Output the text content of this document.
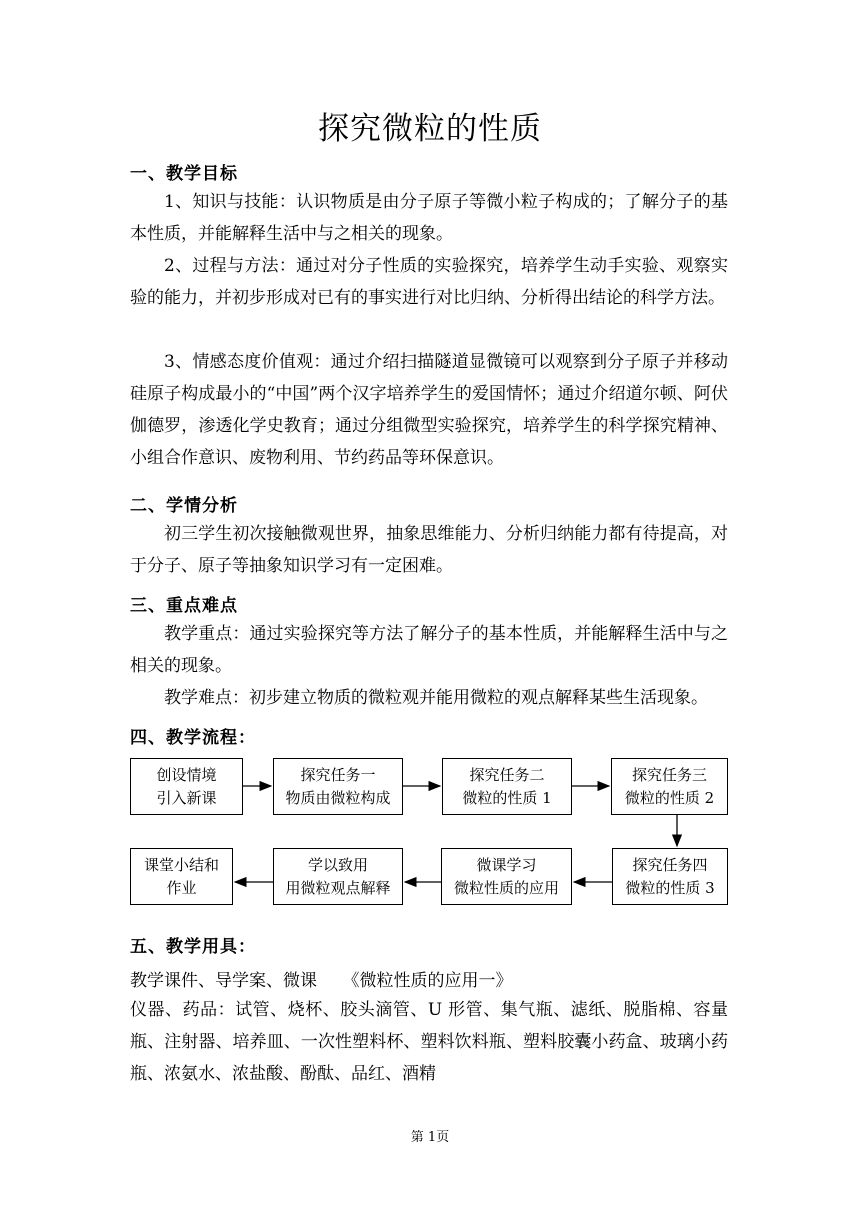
探究微粒的性质
一、教学目标
1、知识与技能：认识物质是由分子原子等微小粒子构成的；了解分子的基本性质，并能解释生活中与之相关的现象。
2、过程与方法：通过对分子性质的实验探究，培养学生动手实验、观察实验的能力，并初步形成对已有的事实进行对比归纳、分析得出结论的科学方法。
3、情感态度价值观：通过介绍扫描隧道显微镜可以观察到分子原子并移动硅原子构成最小的“中国”两个汉字培养学生的爱国情怀；通过介绍道尔顿、阿伏伽德罗，渗透化学史教育；通过分组微型实验探究，培养学生的科学探究精神、小组合作意识、废物利用、节约药品等环保意识。
二、学情分析
初三学生初次接触微观世界，抽象思维能力、分析归纳能力都有待提高，对于分子、原子等抽象知识学习有一定困难。
三、重点难点
教学重点：通过实验探究等方法了解分子的基本性质，并能解释生活中与之相关的现象。
教学难点：初步建立物质的微粒观并能用微粒的观点解释某些生活现象。
四、教学流程：
创设情境
引入新课
探究任务一
物质由微粒构成
探究任务二
微粒的性质 1
探究任务三
微粒的性质 2
探究任务四
微粒的性质 3
微课学习
微粒性质的应用
学以致用
用微粒观点解释
课堂小结和
作业
五、教学用具：
教学课件、导学案、微课　　《微粒性质的应用一》
仪器、药品：试管、烧杯、胶头滴管、U 形管、集气瓶、滤纸、脱脂棉、容量瓶、注射器、培养皿、一次性塑料杯、塑料饮料瓶、塑料胶囊小药盒、玻璃小药瓶、浓氨水、浓盐酸、酚酞、品红、酒精
第 1页
